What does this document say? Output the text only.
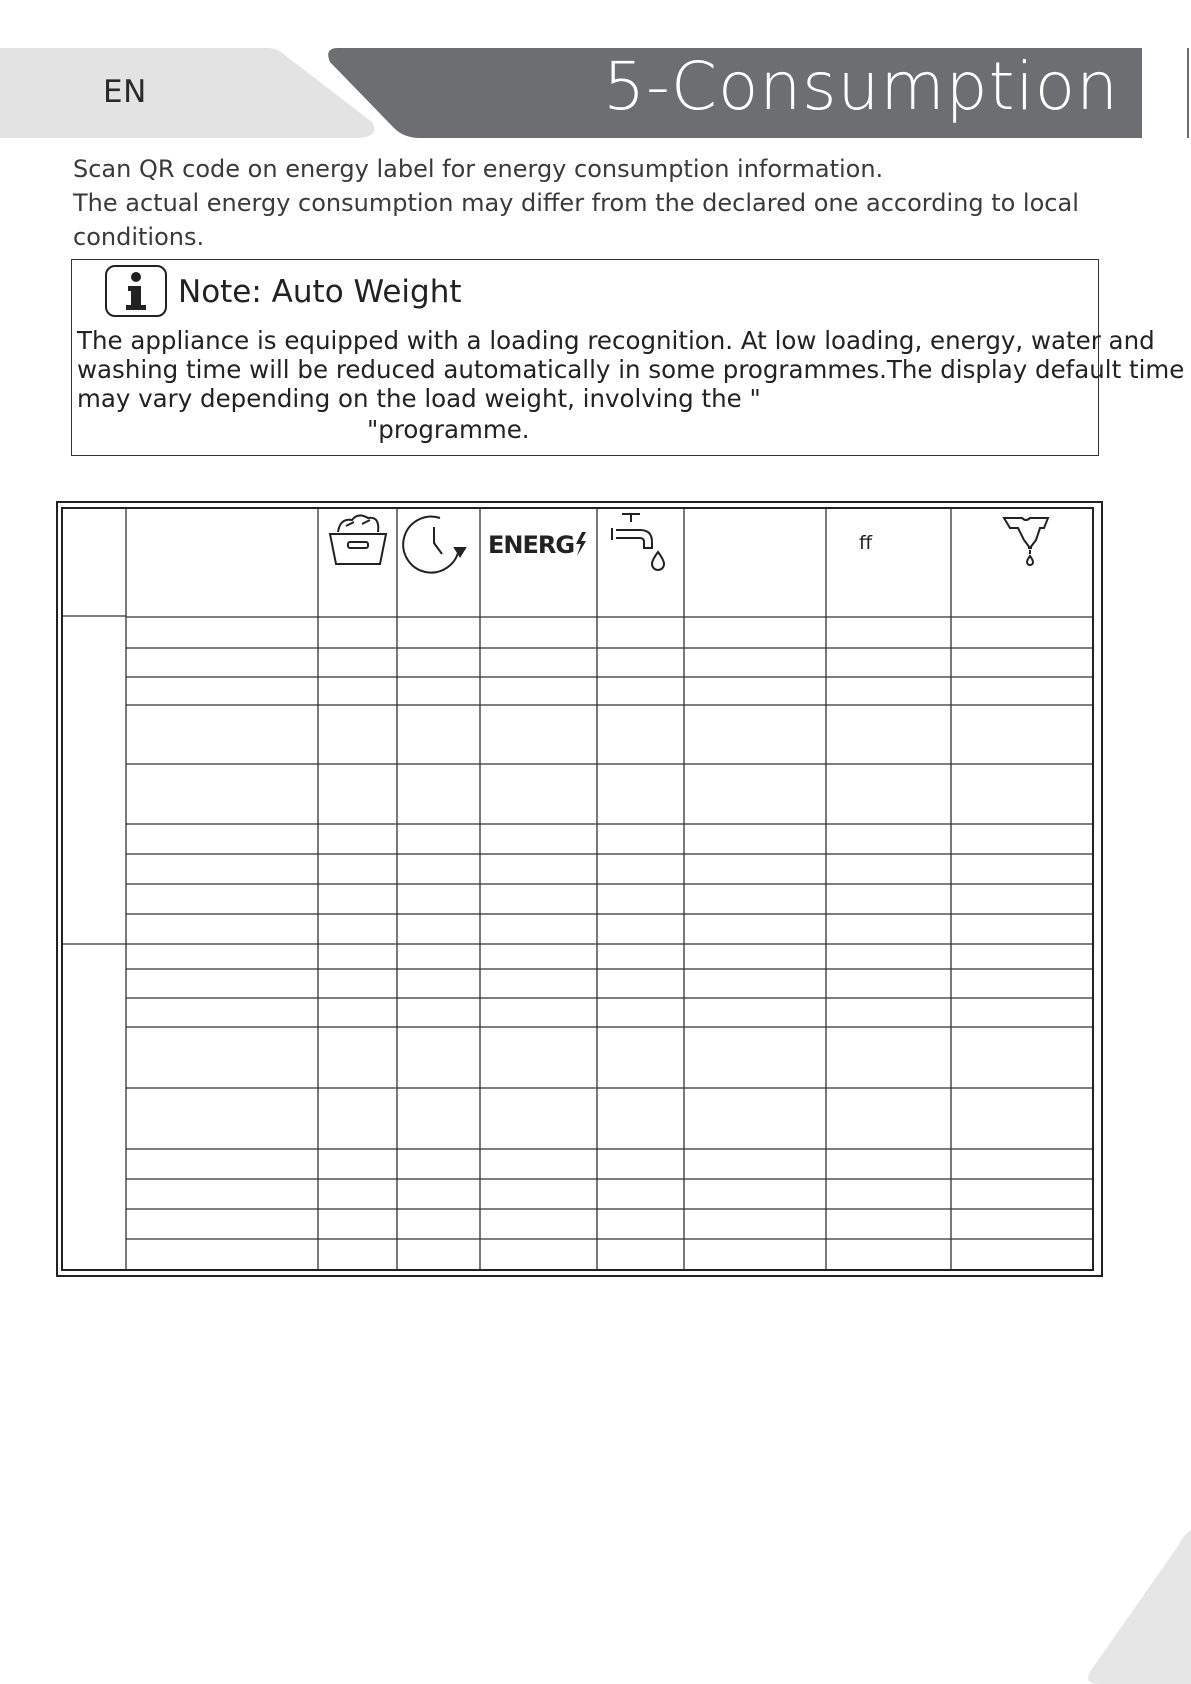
EN	5-Consumption

Scan QR code on energy label for energy consumption information.

The actual energy consumption may differ from the declared one according to local conditions.

Note: Auto Weight

The appliance is equipped with a loading recognition. At low loading, energy, water and

washing time will be reduced automatically in some programmes.The display default time

may vary depending on the load weight, involving the "

"programme.

ENERG	ff
